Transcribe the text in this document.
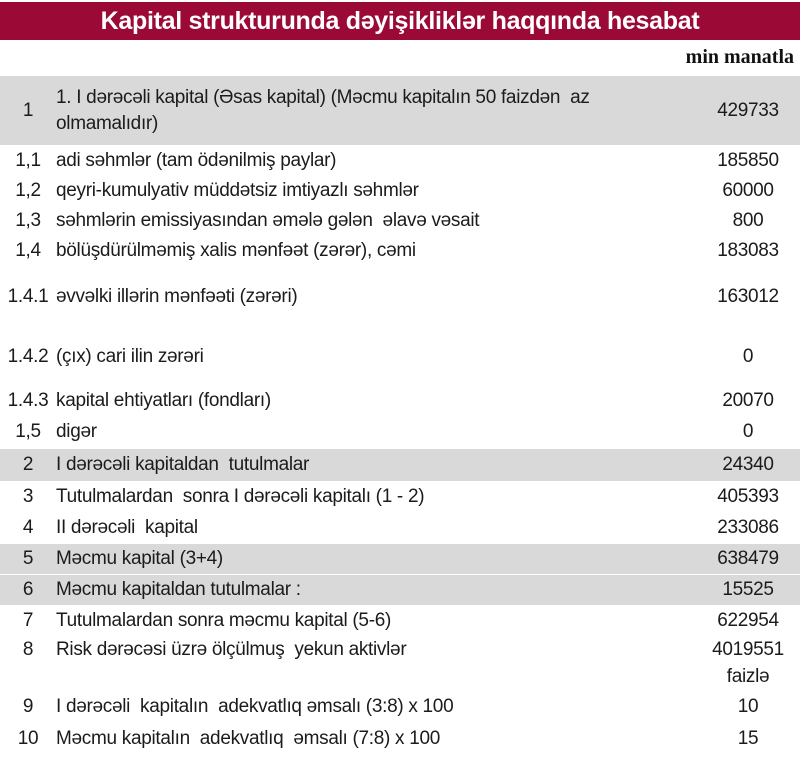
Kapital strukturunda dəyişikliklər haqqında hesabat
min manatla
1	1. I dərəcəli kapital (Əsas kapital) (Məcmu kapitalın 50 faizdən  az olmamalıdır)	429733
1,1	adi səhmlər (tam ödənilmiş paylar)	185850
1,2	qeyri-kumulyativ müddətsiz imtiyazlı səhmlər	60000
1,3	səhmlərin emissiyasından əmələ gələn  əlavə vəsait	800
1,4	bölüşdürülməmiş xalis mənfəət (zərər), cəmi	183083
1.4.1	əvvəlki illərin mənfəəti (zərəri)	163012
1.4.2	(çıx) cari ilin zərəri	0
1.4.3	kapital ehtiyatları (fondları)	20070
1,5	digər	0
2	I dərəcəli kapitaldan  tutulmalar	24340
3	Tutulmalardan  sonra I dərəcəli kapitalı (1 - 2)	405393
4	II dərəcəli  kapital	233086
5	Məcmu kapital (3+4)	638479
6	Məcmu kapitaldan tutulmalar :	15525
7	Tutulmalardan sonra məcmu kapital (5-6)	622954
8	Risk dərəcəsi üzrə ölçülmuş  yekun aktivlər	4019551
		faizlə
9	I dərəcəli  kapitalın  adekvatlıq əmsalı (3:8) x 100	10
10	Məcmu kapitalın  adekvatlıq  əmsalı (7:8) x 100	15
